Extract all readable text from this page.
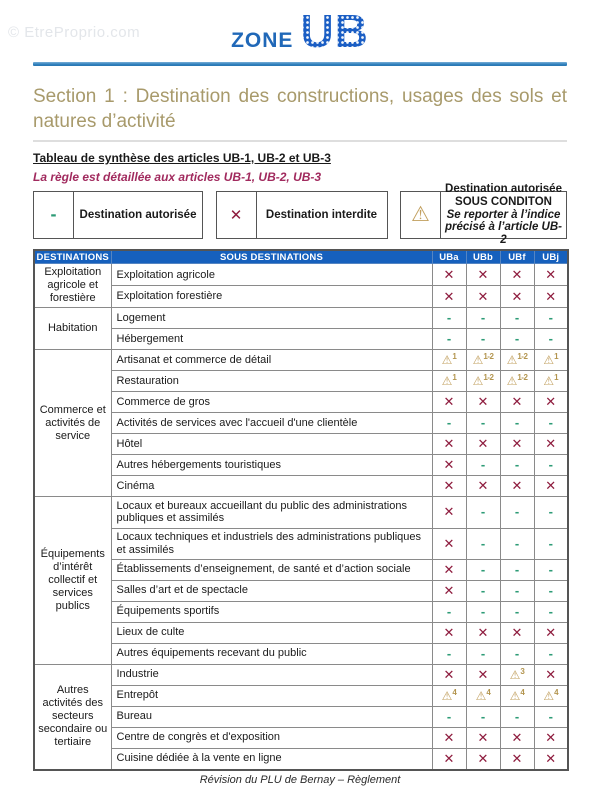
© EtreProprio.com	ZONE UB
Section 1 : Destination des constructions, usages des sols et natures d’activité
Tableau de synthèse des articles UB-1, UB-2 et UB-3
La règle est détaillée aux articles UB-1, UB-2, UB-3
-	Destination autorisée	✕	Destination interdite	⚠
Destination autorisée
SOUS CONDITON
Se reporter à l’indice
précisé à l’article UB-2
DESTINATIONS	SOUS DESTINATIONS	UBa	UBb	UBf	UBj
Exploitation agricole et forestière	Exploitation agricole	✕	✕	✕	✕
	Exploitation forestière	✕	✕	✕	✕
Habitation	Logement	-	-	-	-
	Hébergement	-	-	-	-
Commerce et activités de service	Artisanat et commerce de détail	⚠$^1$	⚠$^{1-2}$	⚠$^{1-2}$	⚠$^1$
	Restauration	⚠$^1$	⚠$^{1-2}$	⚠$^{1-2}$	⚠$^1$
	Commerce de gros	✕	✕	✕	✕
	Activités de services avec l'accueil d'une clientèle	-	-	-	-
	Hôtel	✕	✕	✕	✕
	Autres hébergements touristiques	✕	-	-	-
	Cinéma	✕	✕	✕	✕
Équipements d’intérêt collectif et services publics	Locaux et bureaux accueillant du public des administrations publiques et assimilés	✕	-	-	-
	Locaux techniques et industriels des administrations publiques et assimilés	✕	-	-	-
	Établissements d’enseignement, de santé et d’action sociale	✕	-	-	-
	Salles d’art et de spectacle	✕	-	-	-
	Équipements sportifs	-	-	-	-
	Lieux de culte	✕	✕	✕	✕
	Autres équipements recevant du public	-	-	-	-
Autres activités des secteurs secondaire ou tertiaire	Industrie	✕	✕	⚠$^3$	✕
	Entrepôt	⚠$^4$	⚠$^4$	⚠$^4$	⚠$^4$
	Bureau	-	-	-	-
	Centre de congrès et d'exposition	✕	✕	✕	✕
	Cuisine dédiée à la vente en ligne	✕	✕	✕	✕
Révision du PLU de Bernay – Règlement
